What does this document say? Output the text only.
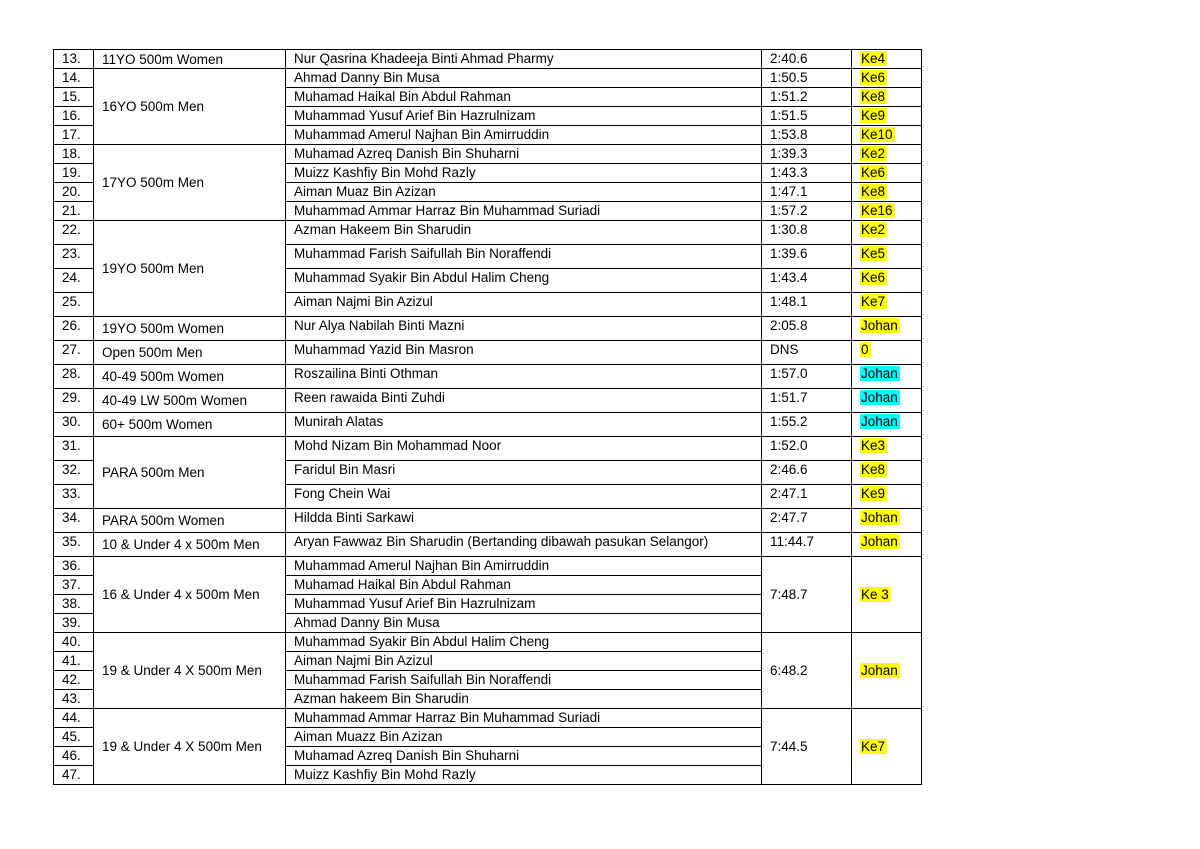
13.	11YO 500m Women	Nur Qasrina Khadeeja Binti Ahmad Pharmy	2:40.6	Ke4
14.	16YO 500m Men	Ahmad Danny Bin Musa	1:50.5	Ke6
15.		Muhamad Haikal Bin Abdul Rahman	1:51.2	Ke8
16.		Muhammad Yusuf Arief Bin Hazrulnizam	1:51.5	Ke9
17.		Muhammad Amerul Najhan Bin Amirruddin	1:53.8	Ke10
18.	17YO 500m Men	Muhamad Azreq Danish Bin Shuharni	1:39.3	Ke2
19.		Muizz Kashfiy Bin Mohd Razly	1:43.3	Ke6
20.		Aiman Muaz Bin Azizan	1:47.1	Ke8
21.		Muhammad Ammar Harraz Bin Muhammad Suriadi	1:57.2	Ke16
22.	19YO 500m Men	Azman Hakeem Bin Sharudin	1:30.8	Ke2
23.		Muhammad Farish Saifullah Bin Noraffendi	1:39.6	Ke5
24.		Muhammad Syakir Bin Abdul Halim Cheng	1:43.4	Ke6
25.		Aiman Najmi Bin Azizul	1:48.1	Ke7
26.	19YO 500m Women	Nur Alya Nabilah Binti Mazni	2:05.8	Johan
27.	Open 500m Men	Muhammad Yazid Bin Masron	DNS	0
28.	40-49 500m Women	Roszailina Binti Othman	1:57.0	Johan
29.	40-49 LW 500m Women	Reen rawaida Binti Zuhdi	1:51.7	Johan
30.	60+ 500m Women	Munirah Alatas	1:55.2	Johan
31.	PARA 500m Men	Mohd Nizam Bin Mohammad Noor	1:52.0	Ke3
32.		Faridul Bin Masri	2:46.6	Ke8
33.		Fong Chein Wai	2:47.1	Ke9
34.	PARA 500m Women	Hildda Binti Sarkawi	2:47.7	Johan
35.	10 & Under 4 x 500m Men	Aryan Fawwaz Bin Sharudin (Bertanding dibawah pasukan Selangor)	11:44.7	Johan
36.	16 & Under 4 x 500m Men	Muhammad Amerul Najhan Bin Amirruddin	7:48.7	Ke 3
37.		Muhamad Haikal Bin Abdul Rahman		
38.		Muhammad Yusuf Arief Bin Hazrulnizam		
39.		Ahmad Danny Bin Musa		
40.	19 & Under 4 X 500m Men	Muhammad Syakir Bin Abdul Halim Cheng	6:48.2	Johan
41.		Aiman Najmi Bin Azizul		
42.		Muhammad Farish Saifullah Bin Noraffendi		
43.		Azman hakeem Bin Sharudin		
44.	19 & Under 4 X 500m Men	Muhammad Ammar Harraz Bin Muhammad Suriadi	7:44.5	Ke7
45.		Aiman Muazz Bin Azizan		
46.		Muhamad Azreq Danish Bin Shuharni		
47.		Muizz Kashfiy Bin Mohd Razly		
